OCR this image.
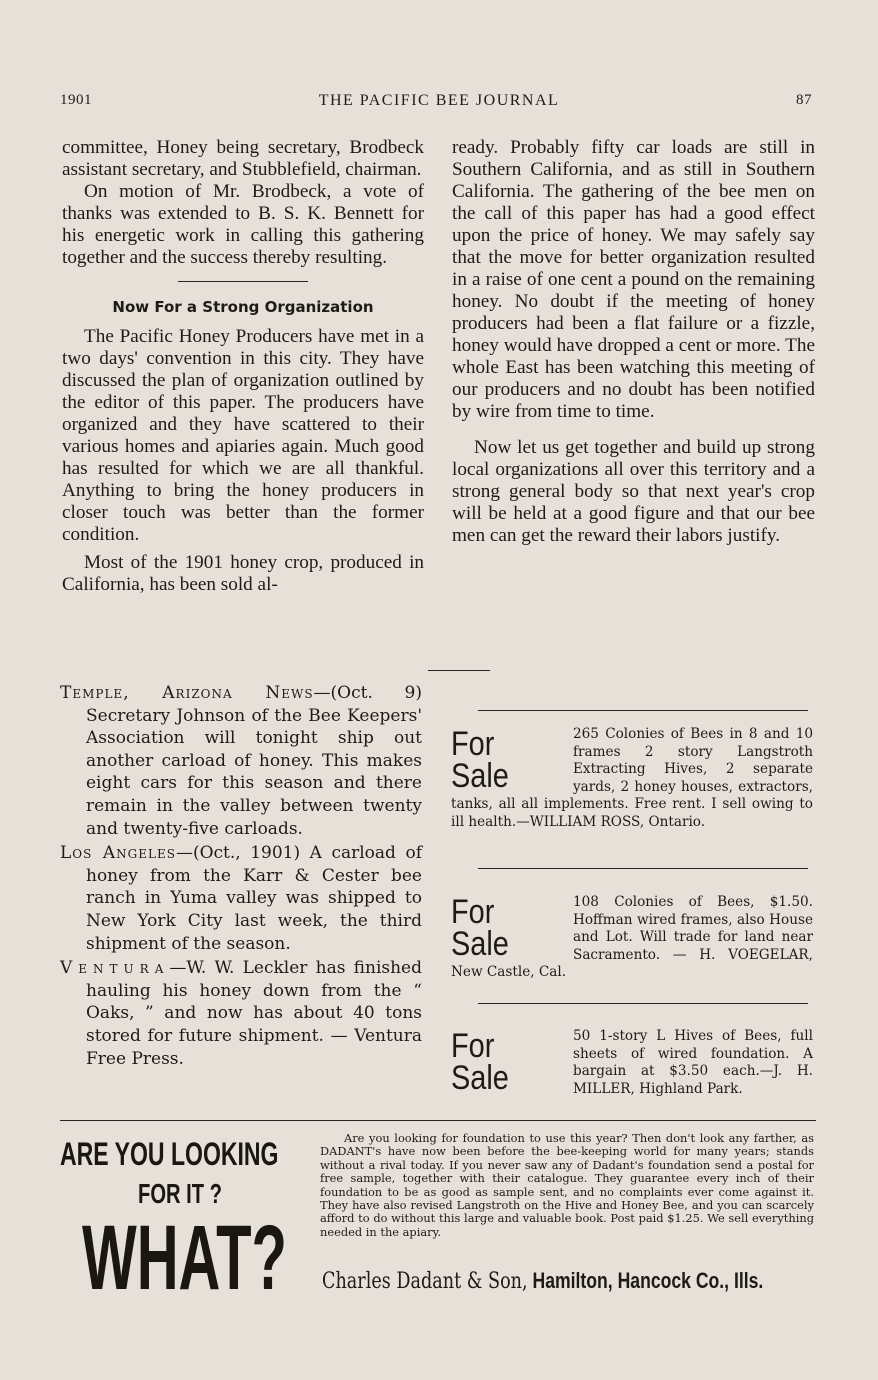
1901	THE PACIFIC BEE JOURNAL	87

committee, Honey being secretary, Brodbeck assistant secretary, and Stubblefield, chairman.

On motion of Mr. Brodbeck, a vote of thanks was extended to B. S. K. Bennett for his energetic work in calling this gathering together and the success thereby resulting.

Now For a Strong Organization

The Pacific Honey Producers have met in a two days' convention in this city. They have discussed the plan of organization outlined by the editor of this paper. The producers have organized and they have scattered to their various homes and apiaries again. Much good has resulted for which we are all thankful. Anything to bring the honey producers in closer touch was better than the former condition.

Most of the 1901 honey crop, produced in California, has been sold al-

ready. Probably fifty car loads are still in Southern California, and as still in Southern California. The gathering of the bee men on the call of this paper has had a good effect upon the price of honey. We may safely say that the move for better organization resulted in a raise of one cent a pound on the remaining honey. No doubt if the meeting of honey producers had been a flat failure or a fizzle, honey would have dropped a cent or more. The whole East has been watching this meeting of our producers and no doubt has been notified by wire from time to time.

Now let us get together and build up strong local organizations all over this territory and a strong general body so that next year's crop will be held at a good figure and that our bee men can get the reward their labors justify.

Temple, Arizona News—(Oct. 9) Secretary Johnson of the Bee Keepers' Association will tonight ship out another carload of honey. This makes eight cars for this season and there remain in the valley between twenty and twenty-five carloads.

Los Angeles—(Oct., 1901) A carload of honey from the Karr & Cester bee ranch in Yuma valley was shipped to New York City last week, the third shipment of the season.

Ventura—W. W. Leckler has finished hauling his honey down from the “ Oaks, ” and now has about 40 tons stored for future shipment. — Ventura Free Press.

For Sale
265 Colonies of Bees in 8 and 10 frames 2 story Langstroth Extracting Hives, 2 separate yards, 2 honey houses, extractors, tanks, all all implements. Free rent. I sell owing to ill health.—WILLIAM ROSS, Ontario.
For Sale
108 Colonies of Bees, $1.50. Hoffman wired frames, also House and Lot. Will trade for land near Sacramento. — H. VOEGELAR, New Castle, Cal.
For Sale
50 1-story L Hives of Bees, full sheets of wired foundation. A bargain at $3.50 each.—J. H. MILLER, Highland Park.
ARE YOU LOOKING
FOR IT ?
WHAT?
Are you looking for foundation to use this year? Then don't look any farther, as DADANT's have now been before the bee-keeping world for many years; stands without a rival today. If you never saw any of Dadant's foundation send a postal for free sample, together with their catalogue. They guarantee every inch of their foundation to be as good as sample sent, and no complaints ever come against it. They have also revised Langstroth on the Hive and Honey Bee, and you can scarcely afford to do without this large and valuable book. Post paid $1.25. We sell everything needed in the apiary.
Charles Dadant & Son, Hamilton, Hancock Co., Ills.
